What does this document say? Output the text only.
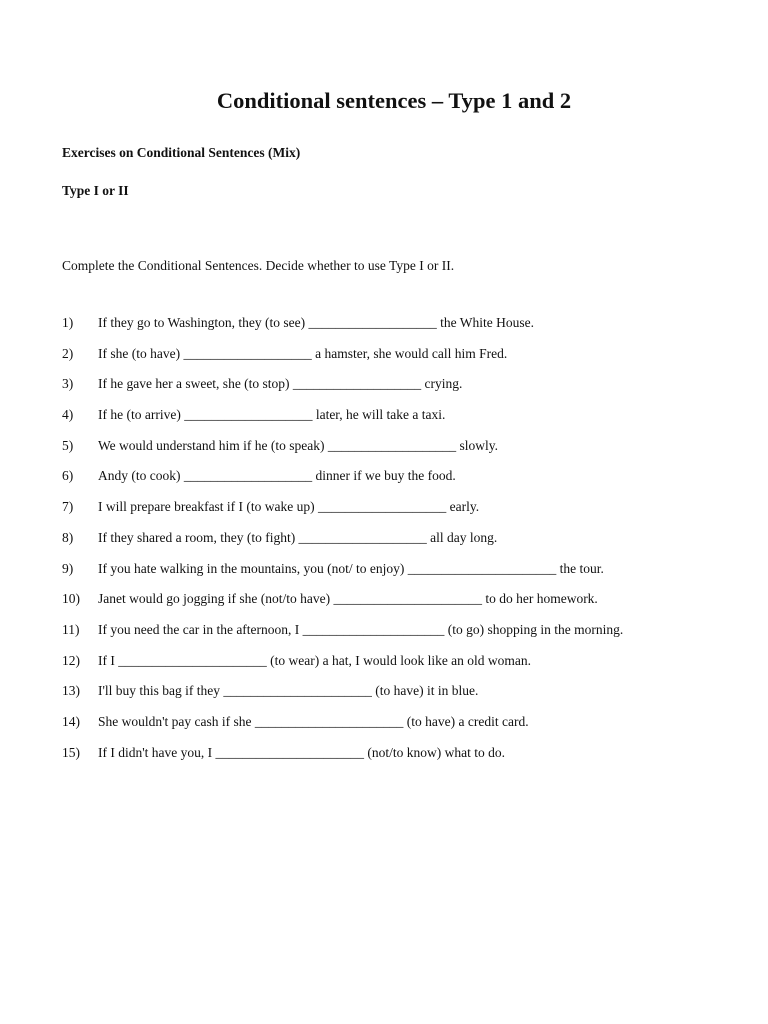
Conditional sentences – Type 1 and 2

Exercises on Conditional Sentences (Mix)

Type I or II

Complete the Conditional Sentences. Decide whether to use Type I or II.

1) If they go to Washington, they (to see) ___________________ the White House.
2) If she (to have) ___________________ a hamster, she would call him Fred.
3) If he gave her a sweet, she (to stop) ___________________ crying.
4) If he (to arrive) ___________________ later, he will take a taxi.
5) We would understand him if he (to speak) ___________________ slowly.
6) Andy (to cook) ___________________ dinner if we buy the food.
7) I will prepare breakfast if I (to wake up) ___________________ early.
8) If they shared a room, they (to fight) ___________________ all day long.
9) If you hate walking in the mountains, you (not/ to enjoy) ______________________ the tour.
10) Janet would go jogging if she (not/to have) ______________________ to do her homework.
11) If you need the car in the afternoon, I _____________________ (to go) shopping in the morning.
12) If I ______________________ (to wear) a hat, I would look like an old woman.
13) I'll buy this bag if they ______________________ (to have) it in blue.
14) She wouldn't pay cash if she ______________________ (to have) a credit card.
15) If I didn't have you, I ______________________ (not/to know) what to do.
